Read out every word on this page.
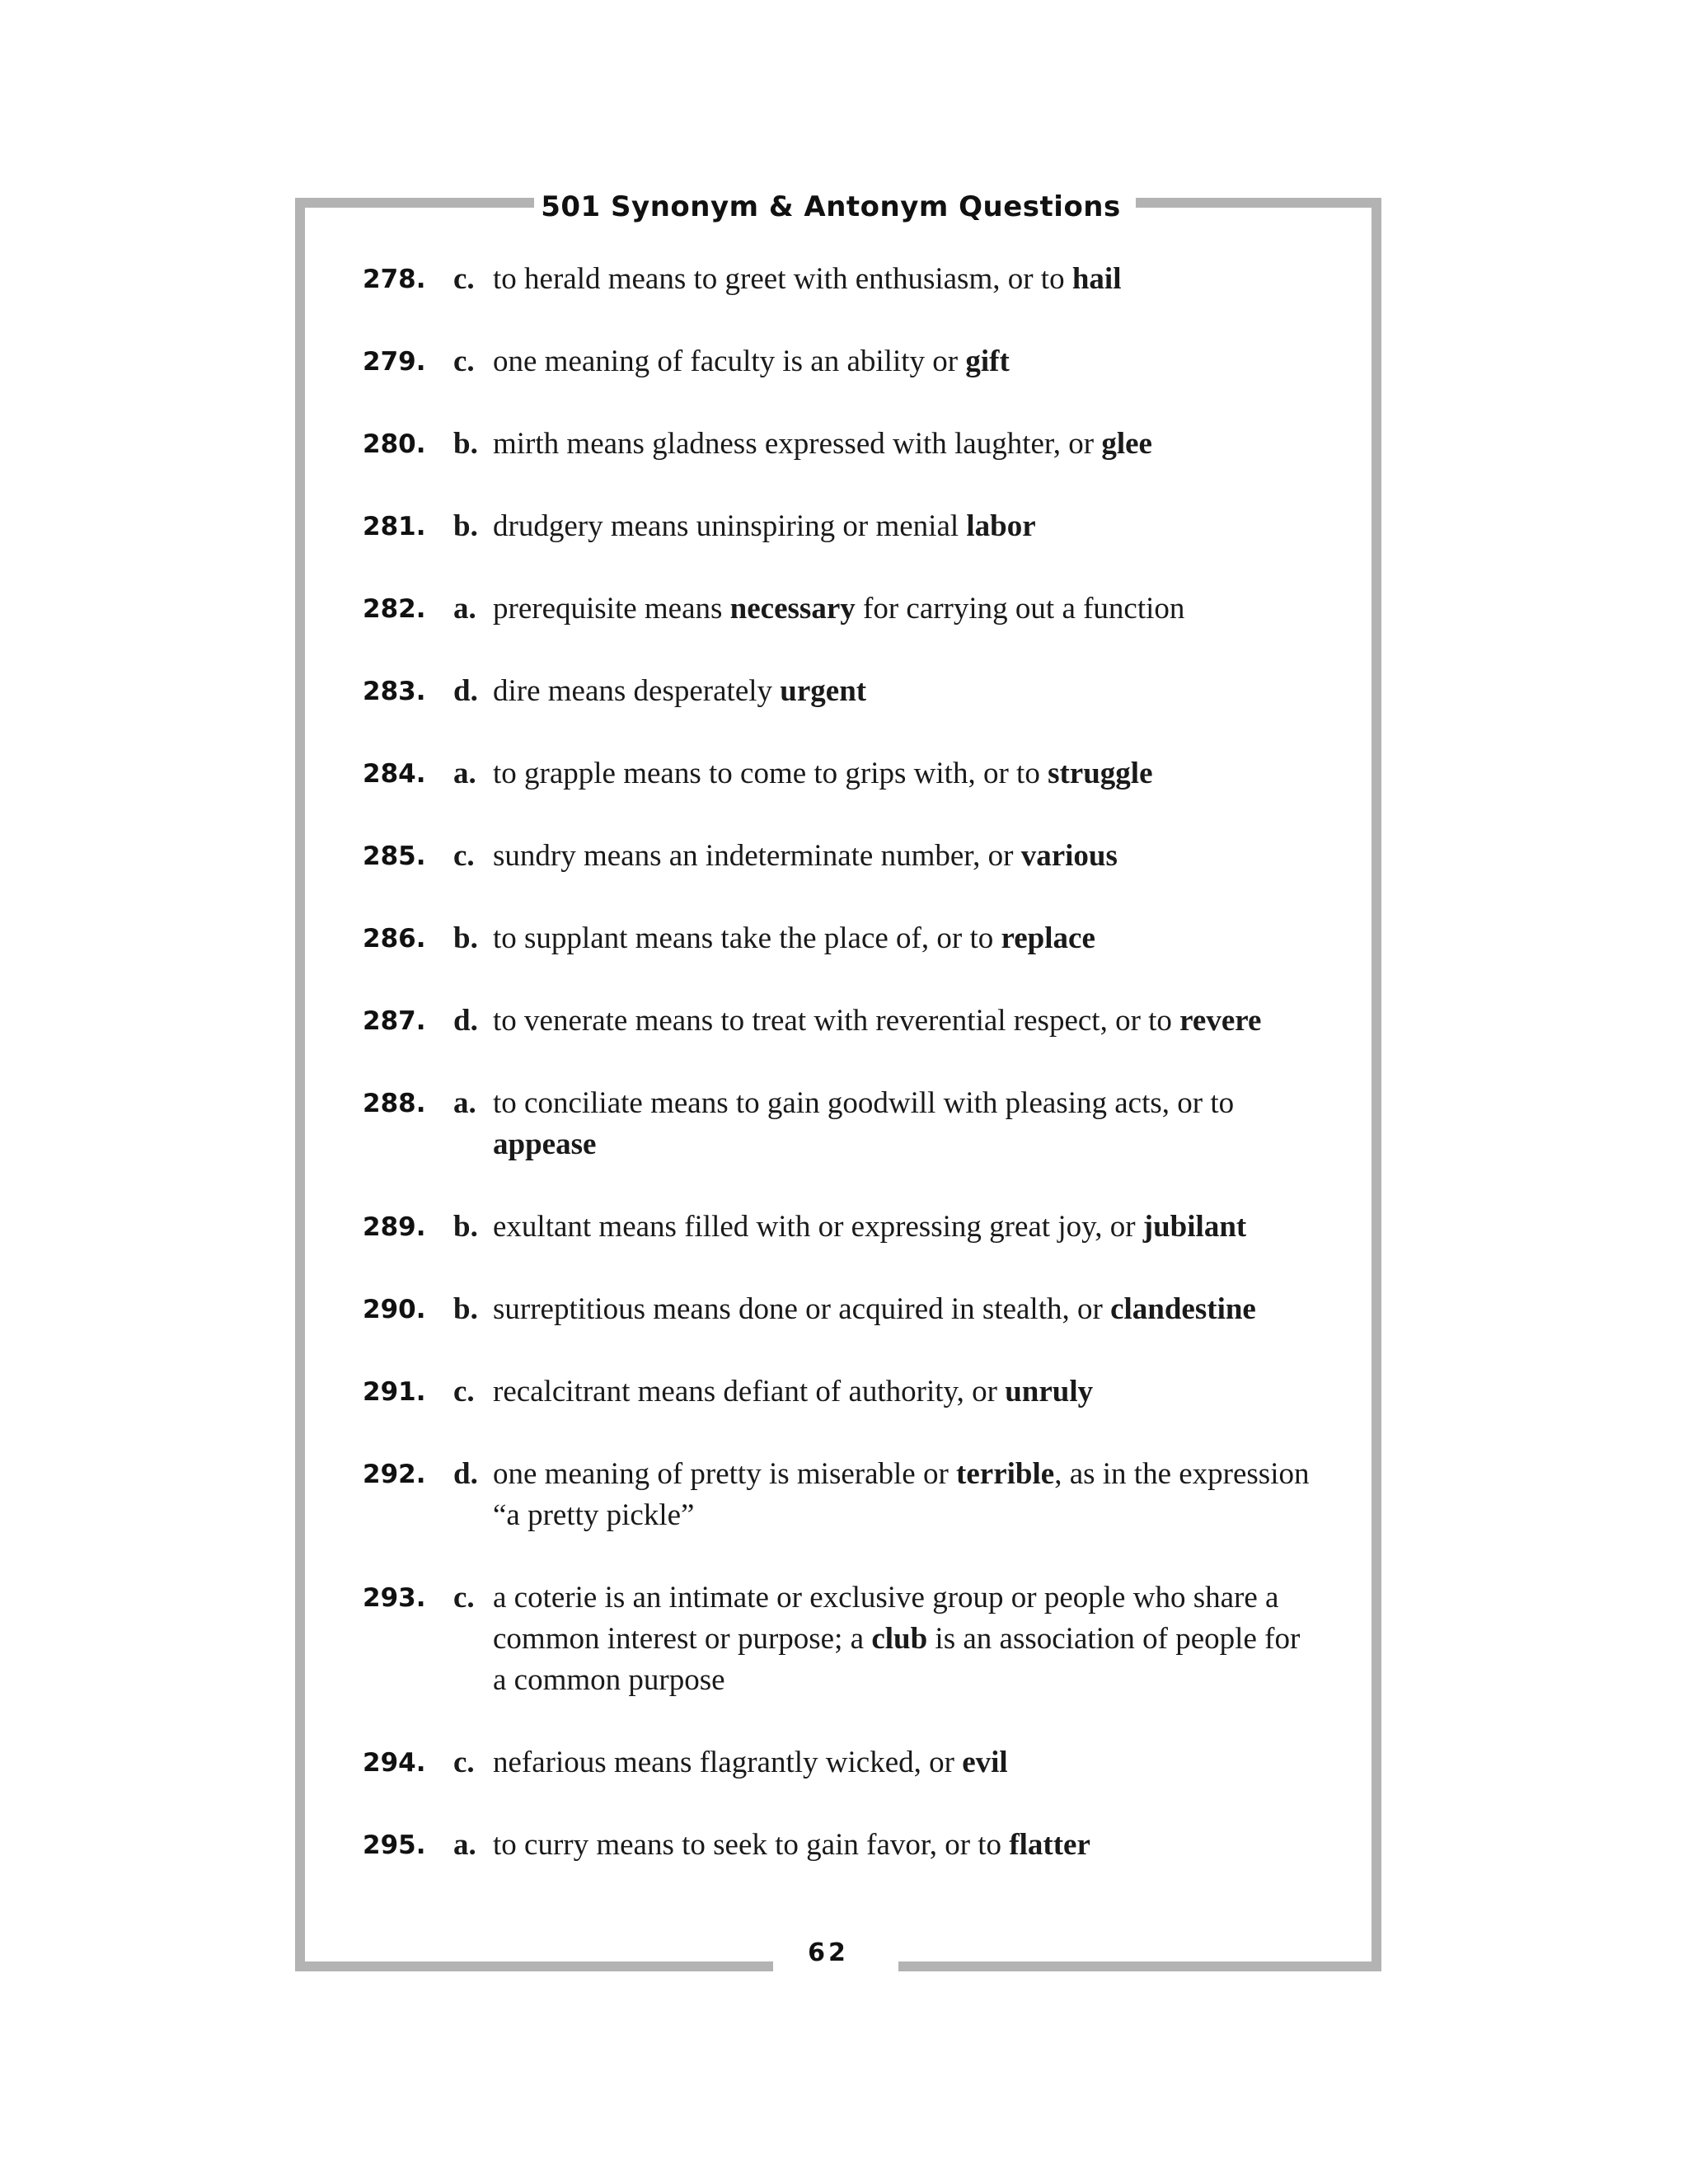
501 Synonym & Antonym Questions
278. c. to herald means to greet with enthusiasm, or to hail
279. c. one meaning of faculty is an ability or gift
280. b. mirth means gladness expressed with laughter, or glee
281. b. drudgery means uninspiring or menial labor
282. a. prerequisite means necessary for carrying out a function
283. d. dire means desperately urgent
284. a. to grapple means to come to grips with, or to struggle
285. c. sundry means an indeterminate number, or various
286. b. to supplant means take the place of, or to replace
287. d. to venerate means to treat with reverential respect, or to revere
288. a. to conciliate means to gain goodwill with pleasing acts, or to appease
289. b. exultant means filled with or expressing great joy, or jubilant
290. b. surreptitious means done or acquired in stealth, or clandestine
291. c. recalcitrant means defiant of authority, or unruly
292. d. one meaning of pretty is miserable or terrible, as in the expression “a pretty pickle”
293. c. a coterie is an intimate or exclusive group or people who share a common interest or purpose; a club is an association of people for a common purpose
294. c. nefarious means flagrantly wicked, or evil
295. a. to curry means to seek to gain favor, or to flatter
62
